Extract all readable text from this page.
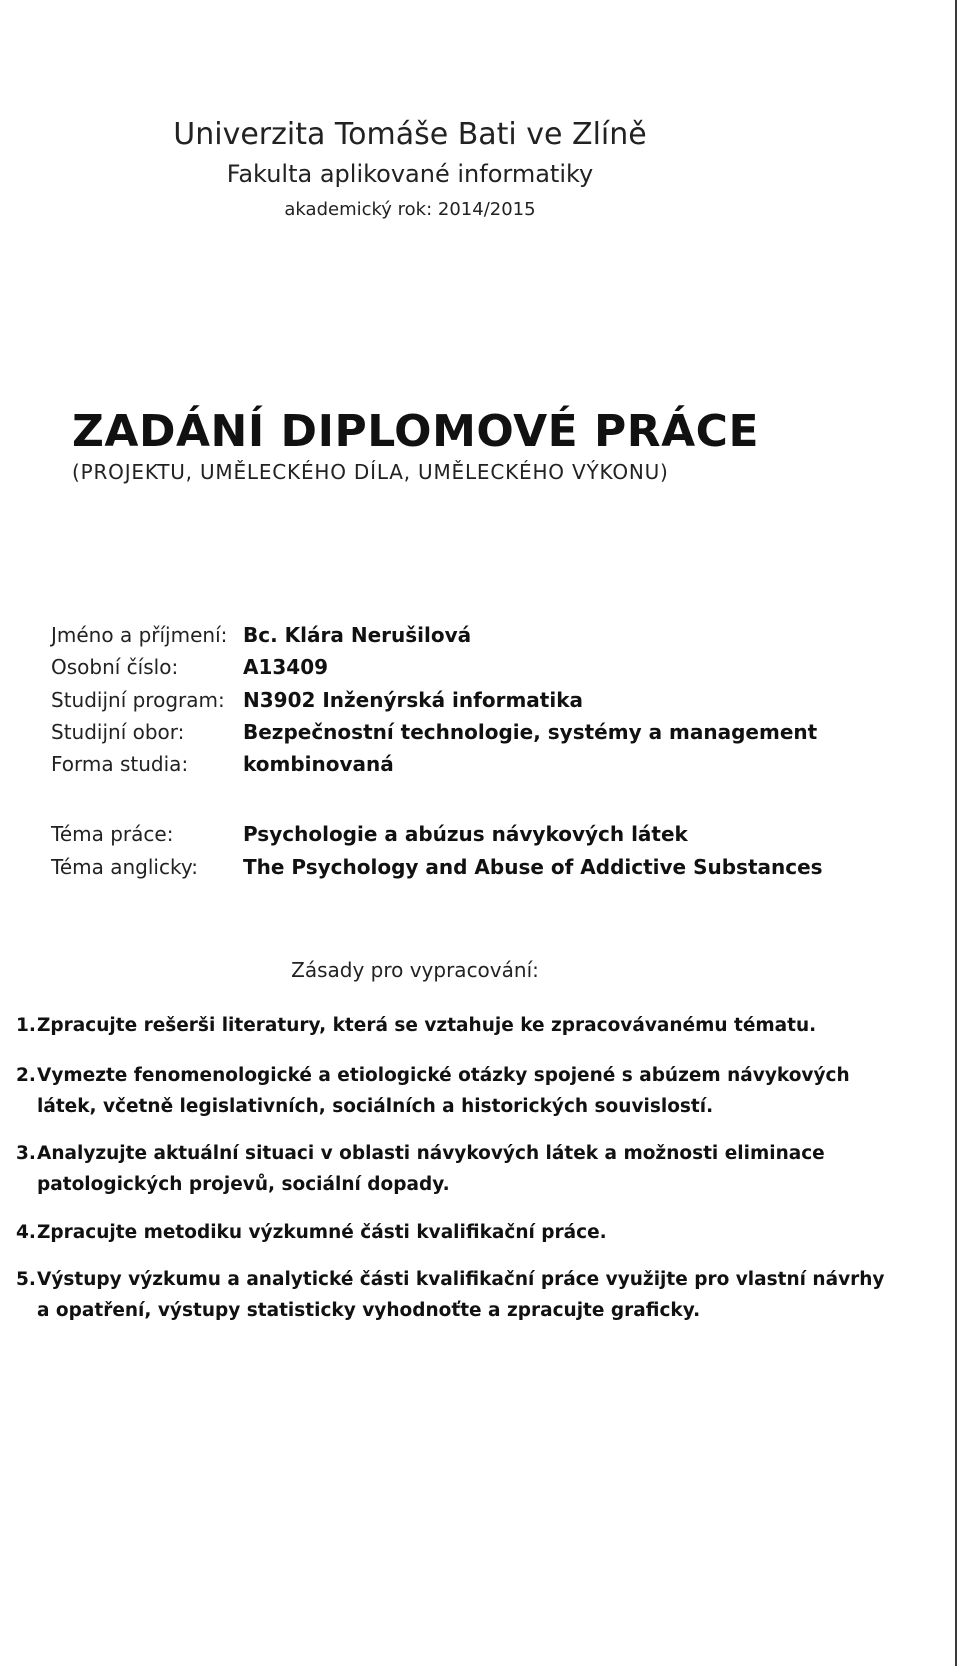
Univerzita Tomáše Bati ve Zlíně
Fakulta aplikované informatiky
akademický rok: 2014/2015
ZADÁNÍ DIPLOMOVÉ PRÁCE
(PROJEKTU, UMĚLECKÉHO DÍLA, UMĚLECKÉHO VÝKONU)
Jméno a příjmení: Bc. Klára Nerušilová
Osobní číslo:	A13409
Studijní program: N3902 Inženýrská informatika
Studijní obor:	Bezpečnostní technologie, systémy a management
Forma studia:	kombinovaná
Téma práce:	Psychologie a abúzus návykových látek
Téma anglicky: The Psychology and Abuse of Addictive Substances
Zásady pro vypracování:
1. Zpracujte rešerši literatury, která se vztahuje ke zpracovávanému tématu.
2. Vymezte fenomenologické a etiologické otázky spojené s abúzem návykových
látek, včetně legislativních, sociálních a historických souvislostí.
3. Analyzujte aktuální situaci v oblasti návykových látek a možnosti eliminace
patologických projevů, sociální dopady.
4. Zpracujte metodiku výzkumné části kvalifikační práce.
5. Výstupy výzkumu a analytické části kvalifikační práce využijte pro vlastní návrhy
a opatření, výstupy statisticky vyhodnoťte a zpracujte graficky.
